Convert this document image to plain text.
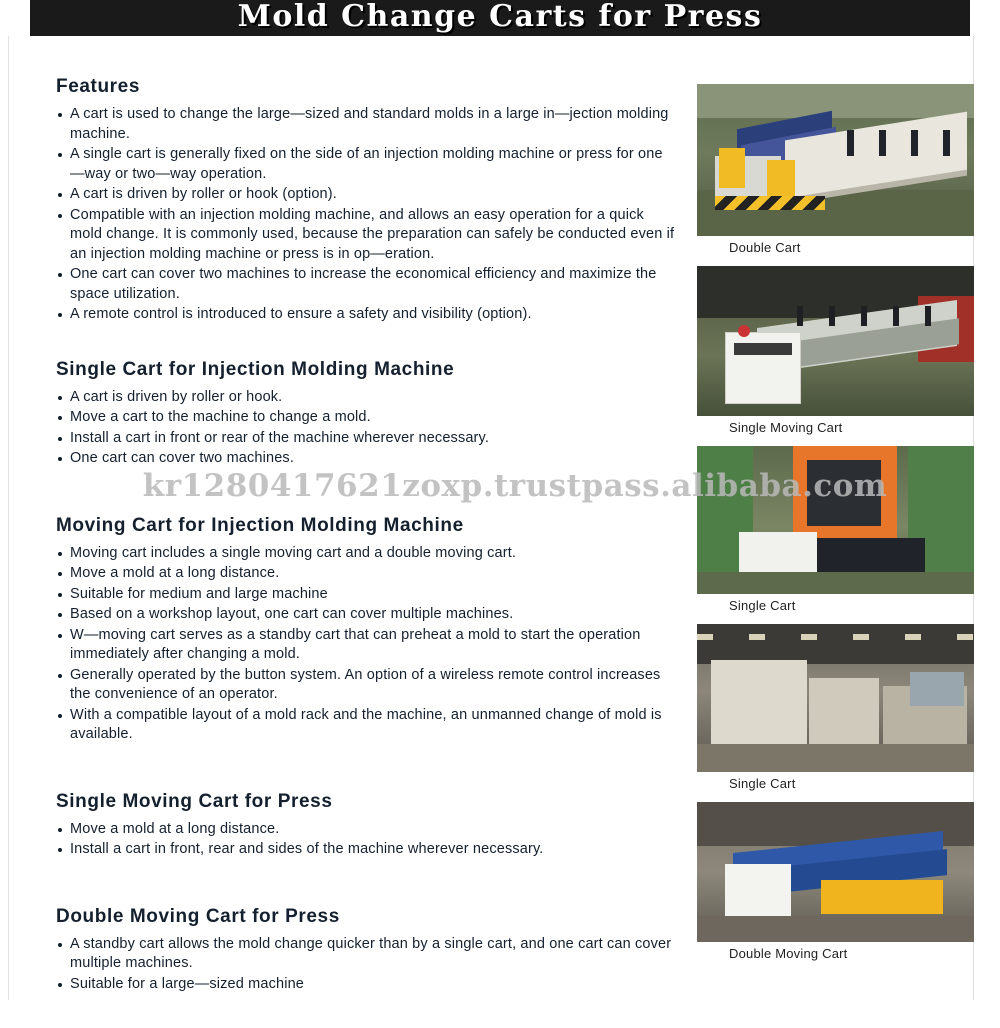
Mold Change Carts for Press
Features
A cart is used to change the large—sized and standard molds in a large in—jection molding machine.
A single cart is generally fixed on the side of an injection molding machine or press for one—way or two—way operation.
A cart is driven by roller or hook (option).
Compatible with an injection molding machine, and allows an easy operation for a quick mold change. It is commonly used, because the preparation can safely be conducted even if an injection molding machine or press is in op—eration.
One cart can cover two machines to increase the economical efficiency and maximize the space utilization.
A remote control is introduced to ensure a safety and visibility (option).
Single Cart for Injection Molding Machine
A cart is driven by roller or hook.
Move a cart to the machine to change a mold.
Install a cart in front or rear of the machine wherever necessary.
One cart can cover two machines.
Moving Cart for Injection Molding Machine
Moving cart includes a single moving cart and a double moving cart.
Move a mold at a long distance.
Suitable for medium and large machine
Based on a workshop layout, one cart can cover multiple machines.
W—moving cart serves as a standby cart that can preheat a mold to start the operation immediately after changing a mold.
Generally operated by the button system. An option of a wireless remote control increases the convenience of an operator.
With a compatible layout of a mold rack and the machine, an unmanned change of mold is available.
Single Moving Cart for Press
Move a mold at a long distance.
Install a cart in front, rear and sides of the machine wherever necessary.
Double Moving Cart for Press
A standby cart allows the mold change quicker than by a single cart, and one cart can cover multiple machines.
Suitable for a large—sized machine
Double Cart
Single Moving Cart
Single Cart
Single Cart
Double Moving Cart
kr1280417621zoxp.trustpass.alibaba.com
